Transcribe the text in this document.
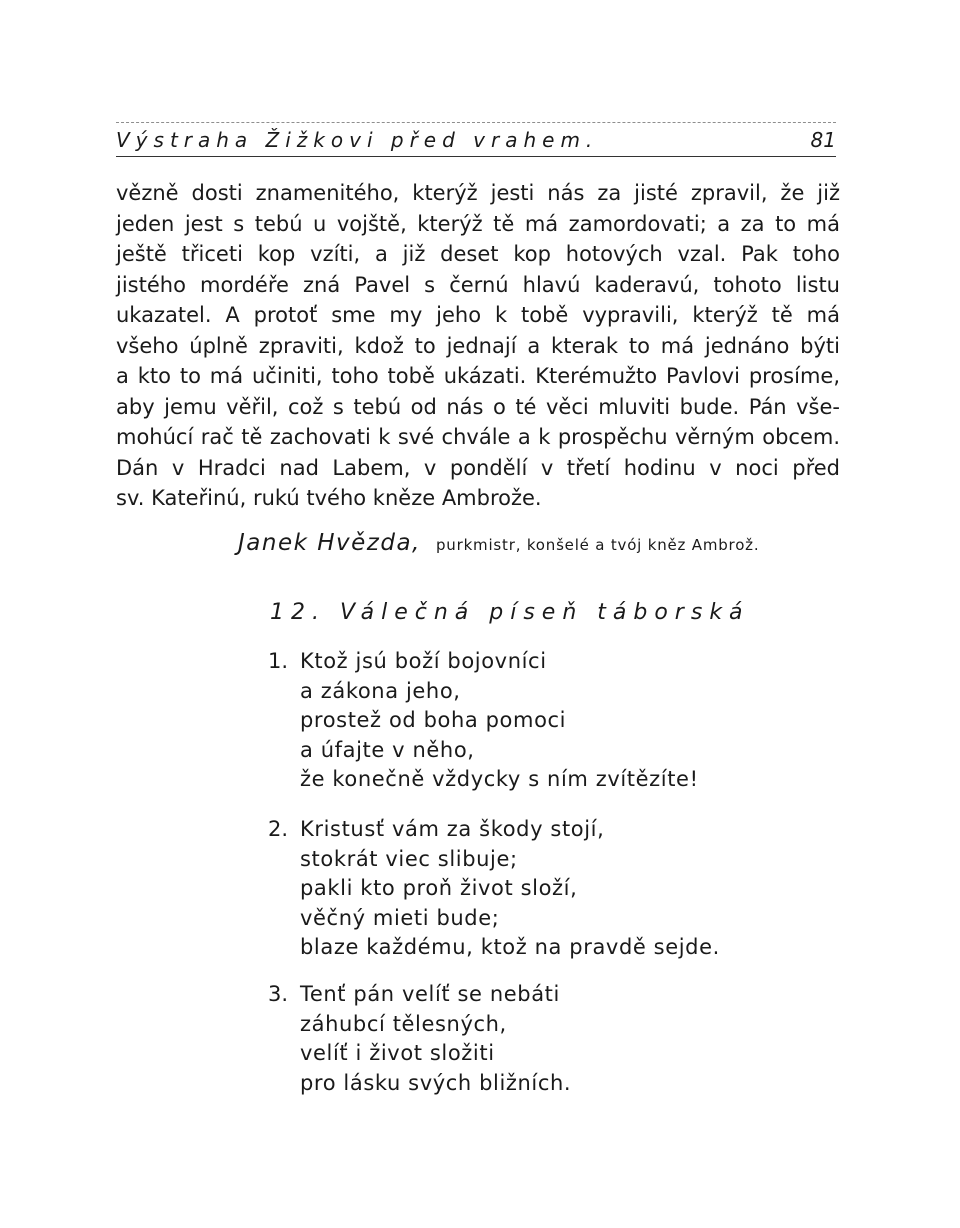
Výstraha Žižkovi před vrahem.	81
vězně dosti znamenitého, kterýž jesti nás za jisté zpravil, že již
jeden jest s tebú u vojště, kterýž tě má zamordovati; a za to má
ještě třiceti kop vzíti, a již deset kop hotových vzal. Pak toho
jistého mordéře zná Pavel s černú hlavú kaderavú, tohoto listu
ukazatel. A protoť sme my jeho k tobě vypravili, kterýž tě má
všeho úplně zpraviti, kdož to jednají a kterak to má jednáno býti
a kto to má učiniti, toho tobě ukázati. Kterémužto Pavlovi prosíme,
aby jemu věřil, což s tebú od nás o té věci mluviti bude. Pán vše-
mohúcí rač tě zachovati k své chvále a k prospěchu věrným obcem.
Dán v Hradci nad Labem, v pondělí v třetí hodinu v noci před
sv. Kateřinú, rukú tvého kněze Ambrože.
Janek Hvězda, purkmistr, konšelé a tvój kněz Ambrož.
12. Válečná píseň táborská
1. Ktož jsú boží bojovníci
a zákona jeho,
prostež od boha pomoci
a úfajte v něho,
že konečně vždycky s ním zvítězíte!
2. Kristusť vám za škody stojí,
stokrát viec slibuje;
pakli kto proň život složí,
věčný mieti bude;
blaze každému, ktož na pravdě sejde.
3. Tenť pán velíť se nebáti
záhubcí tělesných,
velíť i život složiti
pro lásku svých bližních.
